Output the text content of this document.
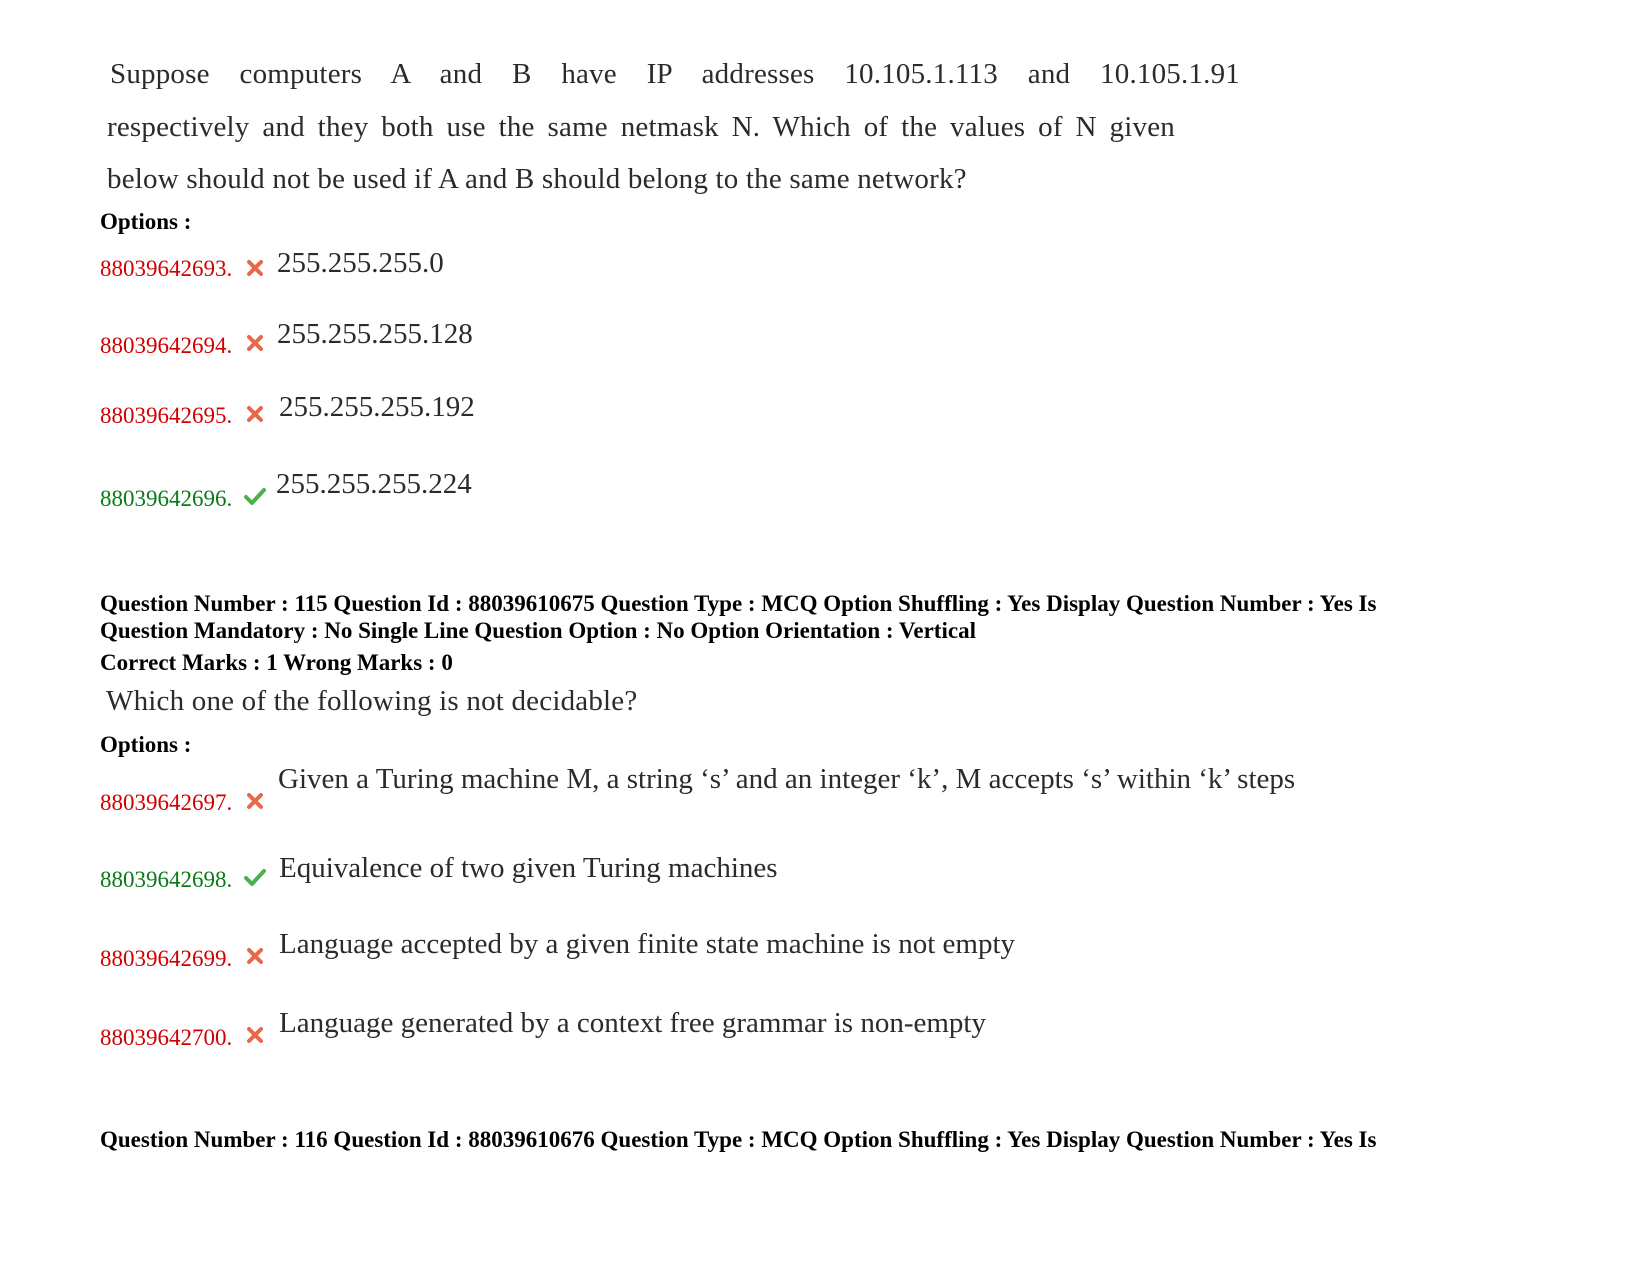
Suppose computers A and B have IP addresses 10.105.1.113 and 10.105.1.91
respectively and they both use the same netmask N. Which of the values of N given
below should not be used if A and B should belong to the same network?
Options :
88039642693. 255.255.255.0
88039642694. 255.255.255.128
88039642695. 255.255.255.192
88039642696. 255.255.255.224
Question Number : 115 Question Id : 88039610675 Question Type : MCQ Option Shuffling : Yes Display Question Number : Yes Is
Question Mandatory : No Single Line Question Option : No Option Orientation : Vertical
Correct Marks : 1 Wrong Marks : 0
Which one of the following is not decidable?
Options :
88039642697.
Given a Turing machine M, a string ‘s’ and an integer ‘k’, M accepts ‘s’ within ‘k’ steps
88039642698. Equivalence of two given Turing machines
88039642699. Language accepted by a given finite state machine is not empty
88039642700. Language generated by a context free grammar is non-empty
Question Number : 116 Question Id : 88039610676 Question Type : MCQ Option Shuffling : Yes Display Question Number : Yes Is
